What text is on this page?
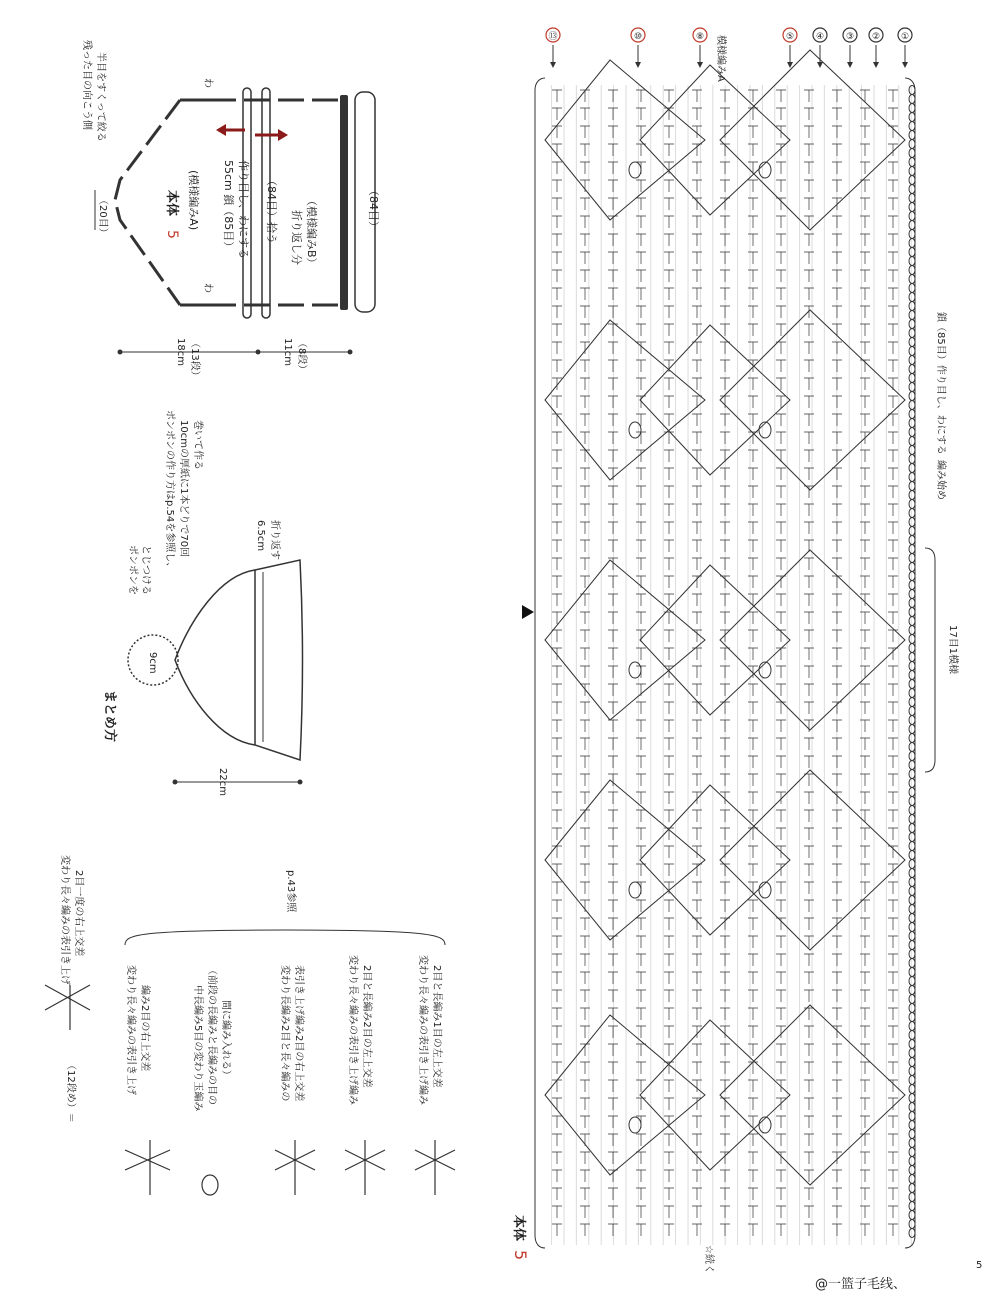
5
本体 (模様編みA) 55cm 鎖（85目） 作り目し、わにする （84目）拾う 折り返し分 （模様編みB）	（84目）
（20目）
わ
わ
残った目の向こう側 半目をすくって絞る
18cm （13段）	11cm （8段）
まとめ方
9cm
ポンポンを とじつける ポンポンの作り方はp.54を参照し、 10cmの厚紙に1本どりで70回 巻いて作る
6.5cm 折り返す
22cm
p.43参照
変わり長々編みの表引き上げ 2目一度の右上交差
（12段め）＝	変わり長々編みの表引き上げ 編み2目の右上交差	中長編み5目の変わり玉編み （前段の長編みと長編みの目の 間に編み入れる）	変わり長編み2目と長々編みの 表引き上げ編み2目の右上交差	変わり長々編みの表引き上げ編み 2目と長編み2目の左上交差	変わり長々編みの表引き上げ編み 2目と長編み1目の左上交差
5
本体
⑬	⑩	⑧	⑤ ④ ③ ② ①
模様編みA
☆続く
編み始め
鎖（85目）作り目し、わにする
17目1模様
@一篮子毛线、
5
